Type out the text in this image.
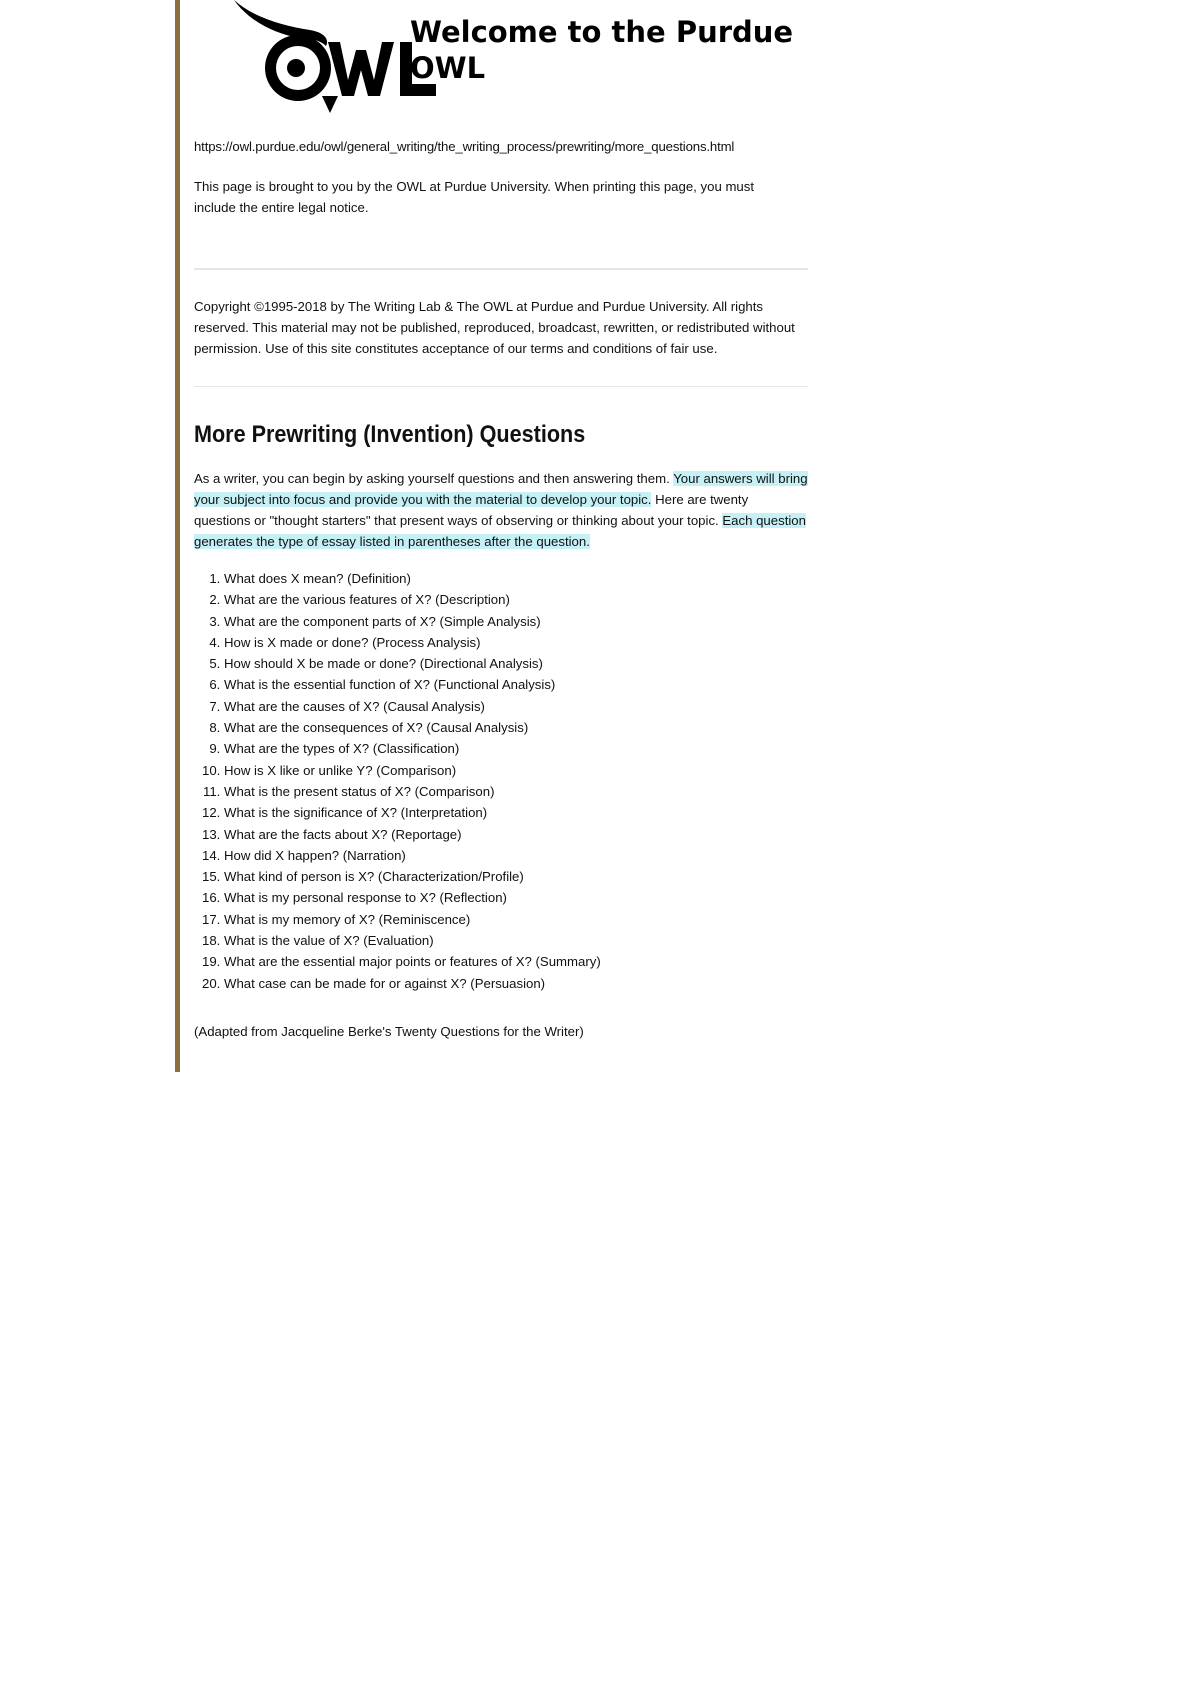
OWL
Welcome to the Purdue OWL

https://owl.purdue.edu/owl/general_writing/the_writing_process/prewriting/more_questions.html

This page is brought to you by the OWL at Purdue University. When printing this page, you must include the entire legal notice.

Copyright ©1995-2018 by The Writing Lab & The OWL at Purdue and Purdue University. All rights reserved. This material may not be published, reproduced, broadcast, rewritten, or redistributed without permission. Use of this site constitutes acceptance of our terms and conditions of fair use.

More Prewriting (Invention) Questions

As a writer, you can begin by asking yourself questions and then answering them. Your answers will bring your subject into focus and provide you with the material to develop your topic. Here are twenty questions or "thought starters" that present ways of observing or thinking about your topic. Each question generates the type of essay listed in parentheses after the question.

1. What does X mean? (Definition)
2. What are the various features of X? (Description)
3. What are the component parts of X? (Simple Analysis)
4. How is X made or done? (Process Analysis)
5. How should X be made or done? (Directional Analysis)
6. What is the essential function of X? (Functional Analysis)
7. What are the causes of X? (Causal Analysis)
8. What are the consequences of X? (Causal Analysis)
9. What are the types of X? (Classification)
10. How is X like or unlike Y? (Comparison)
11. What is the present status of X? (Comparison)
12. What is the significance of X? (Interpretation)
13. What are the facts about X? (Reportage)
14. How did X happen? (Narration)
15. What kind of person is X? (Characterization/Profile)
16. What is my personal response to X? (Reflection)
17. What is my memory of X? (Reminiscence)
18. What is the value of X? (Evaluation)
19. What are the essential major points or features of X? (Summary)
20. What case can be made for or against X? (Persuasion)

(Adapted from Jacqueline Berke's Twenty Questions for the Writer)
